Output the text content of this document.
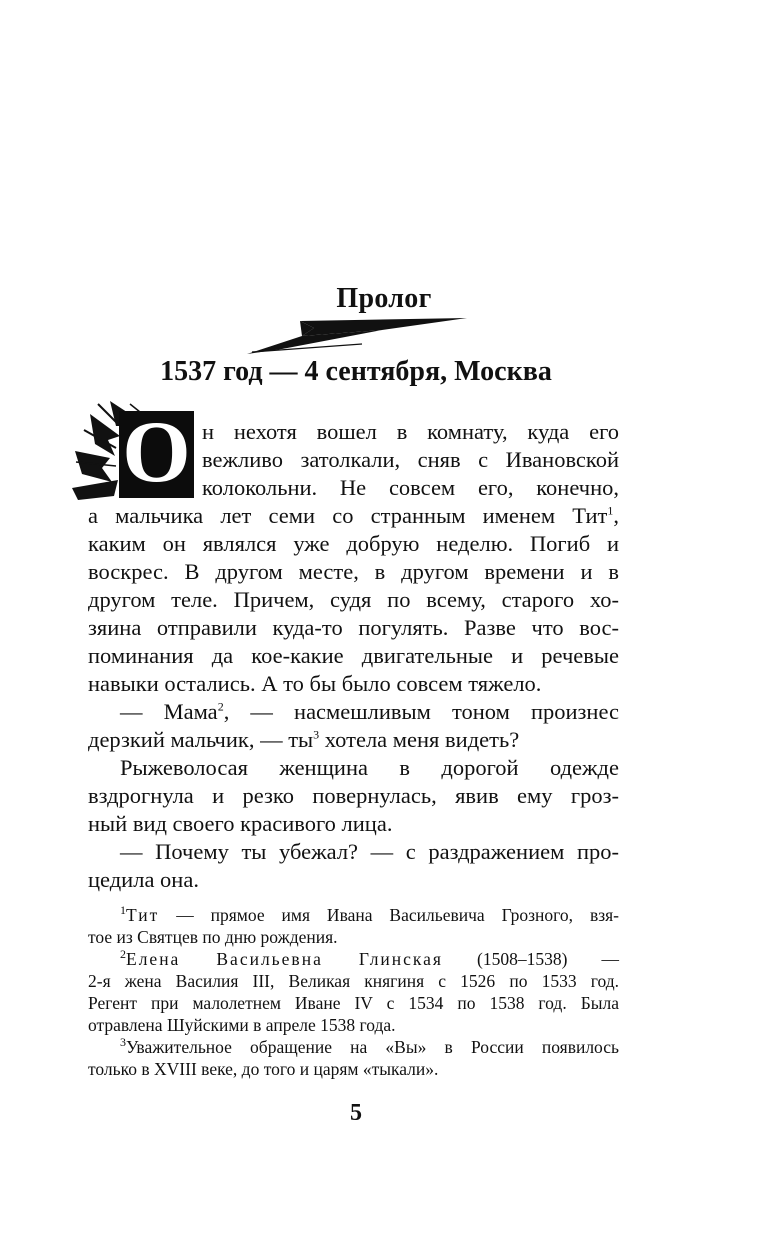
Пролог
1537 год — 4 сентября, Москва
О н нехотя вошел в комнату, куда его
вежливо затолкали, сняв с Ивановской
колокольни. Не совсем его, конечно,
а мальчика лет семи со странным именем Тит$^1$,
каким он являлся уже добрую неделю. Погиб и
воскрес. В другом месте, в другом времени и в
другом теле. Причем, судя по всему, старого хо-
зяина отправили куда-то погулять. Разве что вос-
поминания да кое-какие двигательные и речевые
навыки остались. А то бы было совсем тяжело.
— Мама$^2$, — насмешливым тоном произнес
дерзкий мальчик, — $ты^3$ хотела меня видеть?
Рыжеволосая женщина в дорогой одежде
вздрогнула и резко повернулась, явив ему гроз-
ный вид своего красивого лица.
— Почему ты убежал? — с раздражением про-
цедила она.
$^1$Тит — прямое имя Ивана Васильевича Грозного, взя-
тое из Святцев по дню рождения.
$^2$Елена Васильевна Глинская (1508–1538) —
2-я жена Василия III, Великая княгиня с 1526 по 1533 год.
Регент при малолетнем Иване IV с 1534 по 1538 год. Была
отравлена Шуйскими в апреле 1538 года.
$^3$Уважительное обращение на «Вы» в России появилось
только в XVIII веке, до того и царям «тыкали».
5
